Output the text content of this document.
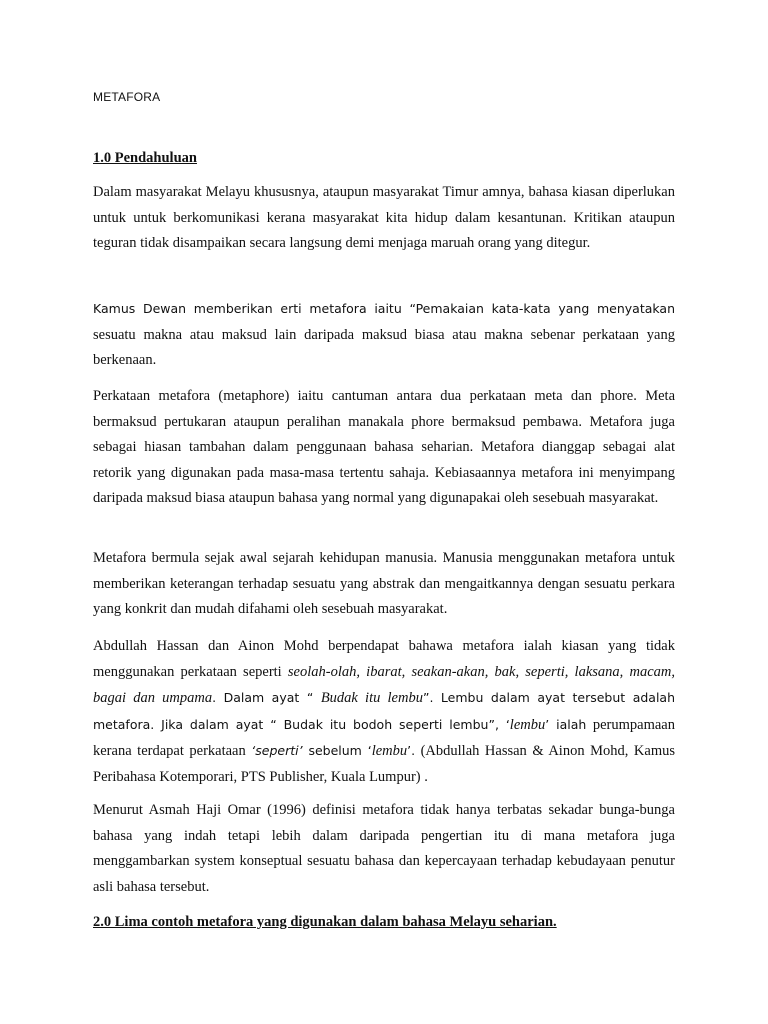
METAFORA
1.0 Pendahuluan

Dalam masyarakat Melayu khususnya, ataupun masyarakat Timur amnya, bahasa kiasan diperlukan untuk untuk berkomunikasi kerana masyarakat kita hidup dalam kesantunan. Kritikan ataupun teguran tidak disampaikan secara langsung demi menjaga maruah orang yang ditegur.

Kamus Dewan memberikan erti metafora iaitu “Pemakaian kata-kata yang menyatakan sesuatu makna atau maksud lain daripada maksud biasa atau makna sebenar perkataan yang berkenaan.

Perkataan metafora (metaphore) iaitu cantuman antara dua perkataan meta dan phore. Meta bermaksud pertukaran ataupun peralihan manakala phore bermaksud pembawa. Metafora juga sebagai hiasan tambahan dalam penggunaan bahasa seharian. Metafora dianggap sebagai alat retorik yang digunakan pada masa-masa tertentu sahaja. Kebiasaannya metafora ini menyimpang daripada maksud biasa ataupun bahasa yang normal yang digunapakai oleh sesebuah masyarakat.

Metafora bermula sejak awal sejarah kehidupan manusia. Manusia menggunakan metafora untuk memberikan keterangan terhadap sesuatu yang abstrak dan mengaitkannya dengan sesuatu perkara yang konkrit dan mudah difahami oleh sesebuah masyarakat.

Abdullah Hassan dan Ainon Mohd berpendapat bahawa metafora ialah kiasan yang tidak menggunakan perkataan seperti seolah-olah, ibarat, seakan-akan, bak, seperti, laksana, macam, bagai dan umpama. Dalam ayat “ Budak itu lembu”. Lembu dalam ayat tersebut adalah metafora. Jika dalam ayat “ Budak itu bodoh seperti lembu”, ‘lembu’ ialah perumpamaan kerana terdapat perkataan ‘seperti’ sebelum ‘lembu’. (Abdullah Hassan & Ainon Mohd, Kamus Peribahasa Kotemporari, PTS Publisher, Kuala Lumpur) .

Menurut Asmah Haji Omar (1996) definisi metafora tidak hanya terbatas sekadar bunga-bunga bahasa yang indah tetapi lebih dalam daripada pengertian itu di mana metafora juga menggambarkan system konseptual sesuatu bahasa dan kepercayaan terhadap kebudayaan penutur asli bahasa tersebut.

2.0 Lima contoh metafora yang digunakan dalam bahasa Melayu seharian.
